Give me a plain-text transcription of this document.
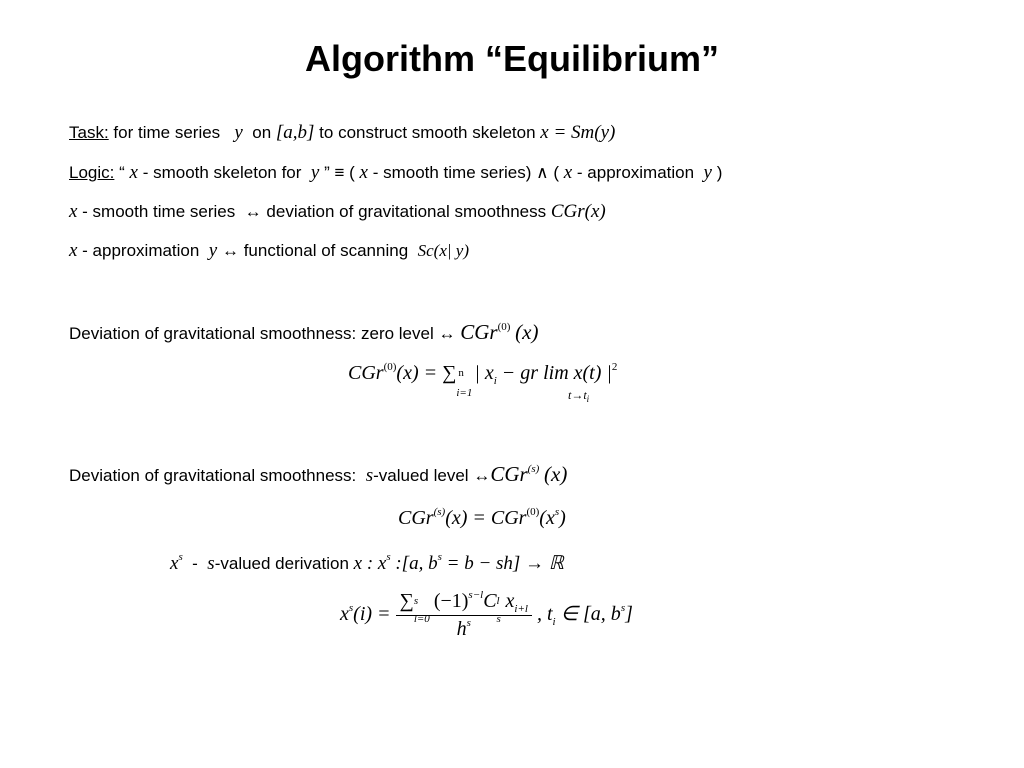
Algorithm “Equilibrium”
Task: for time series y on [a,b] to construct smooth skeleton x = Sm(y)
Logic: “ x - smooth skeleton for y ” ≡ ( x - smooth time series) ∧ ( x - approximation y )
x - smooth time series ↔ deviation of gravitational smoothness CGr(x)
x - approximation y ↔ functional of scanning Sc(x| y)
Deviation of gravitational smoothness: zero level ↔ CGr$^{(0)}$ (x)
CGr$^{(0)}$(x) = ∑ n
i=1
| $x_i$ − gr lim x(t) $|^2$
$t\to t_i$
Deviation of gravitational smoothness: s-valued level ↔CGr$^{(s)}$ (x)
$CGr^{(s)}(x) = CGr^{(0)}(x^s)$
$x^s$ - s-valued derivation x : $x^s$ :[a, $b^s = b - sh$] → ℝ
$x^s(i)$ = ∑ s
l=0
$(-1)^{s-l}C$ l
s
$x_{i+l}$
$h^s$ , $t_i$ ∈ [a, $b^s$]
